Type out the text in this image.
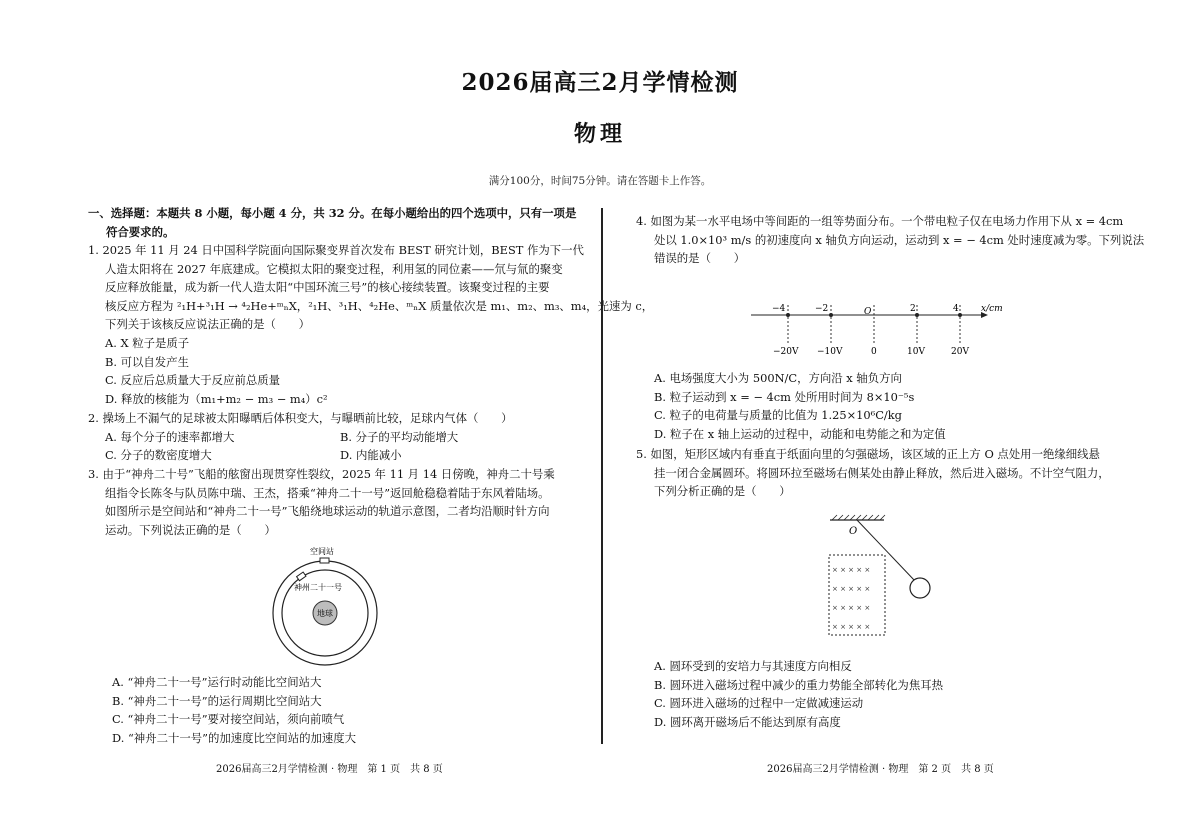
2026届高三2月学情检测
物理
满分100分，时间75分钟。请在答题卡上作答。
一、选择题：本题共 8 小题，每小题 4 分，共 32 分。在每小题给出的四个选项中，只有一项是
符合要求的。
1. 2025 年 11 月 24 日中国科学院面向国际聚变界首次发布 BEST 研究计划，BEST 作为下一代
人造太阳将在 2027 年底建成。它模拟太阳的聚变过程，利用氢的同位素——氘与氚的聚变
反应释放能量，成为新一代人造太阳“中国环流三号”的核心接续装置。该聚变过程的主要
核反应方程为 ²₁H+³₁H → ⁴₂He+ᵐₙX，²₁H、³₁H、⁴₂He、ᵐₙX 质量依次是 m₁、m₂、m₃、m₄，光速为 c，
下列关于该核反应说法正确的是（　　）
A. X 粒子是质子
B. 可以自发产生
C. 反应后总质量大于反应前总质量
D. 释放的核能为（m₁+m₂ − m₃ − m₄）c²
2. 操场上不漏气的足球被太阳曝晒后体积变大，与曝晒前比较，足球内气体（　　）
A. 每个分子的速率都增大	B. 分子的平均动能增大
C. 分子的数密度增大	D. 内能减小
3. 由于“神舟二十号”飞船的舷窗出现贯穿性裂纹，2025 年 11 月 14 日傍晚，神舟二十号乘
组指令长陈冬与队员陈中瑞、王杰，搭乘“神舟二十一号”返回舱稳稳着陆于东风着陆场。
如图所示是空间站和“神舟二十一号”飞船绕地球运动的轨道示意图，二者均沿顺时针方向
运动。下列说法正确的是（　　）
空间站
神州二十一号
地球
A. “神舟二十一号”运行时动能比空间站大
B. “神舟二十一号”的运行周期比空间站大
C. “神舟二十一号”要对接空间站，须向前喷气
D. “神舟二十一号”的加速度比空间站的加速度大
4. 如图为某一水平电场中等间距的一组等势面分布。一个带电粒子仅在电场力作用下从 x = 4cm
处以 1.0×10³ m/s 的初速度向 x 轴负方向运动，运动到 x = − 4cm 处时速度减为零。下列说法
错误的是（　　）
−4	−2	O	2	4 x/cm
−20V −10V	0	10V	20V
A. 电场强度大小为 500N/C，方向沿 x 轴负方向
B. 粒子运动到 x = − 4cm 处所用时间为 8×10⁻⁵s
C. 粒子的电荷量与质量的比值为 1.25×10⁶C/kg
D. 粒子在 x 轴上运动的过程中，动能和电势能之和为定值
5. 如图，矩形区域内有垂直于纸面向里的匀强磁场，该区域的正上方 O 点处用一绝缘细线悬
挂一闭合金属圆环。将圆环拉至磁场右侧某处由静止释放，然后进入磁场。不计空气阻力，
下列分析正确的是（　　）
O
× × × × ×
× × × × ×
× × × × ×
× × × × ×
A. 圆环受到的安培力与其速度方向相反
B. 圆环进入磁场过程中减少的重力势能全部转化为焦耳热
C. 圆环进入磁场的过程中一定做减速运动
D. 圆环离开磁场后不能达到原有高度
2026届高三2月学情检测 · 物理　第 1 页　共 8 页	2026届高三2月学情检测 · 物理　第 2 页　共 8 页
